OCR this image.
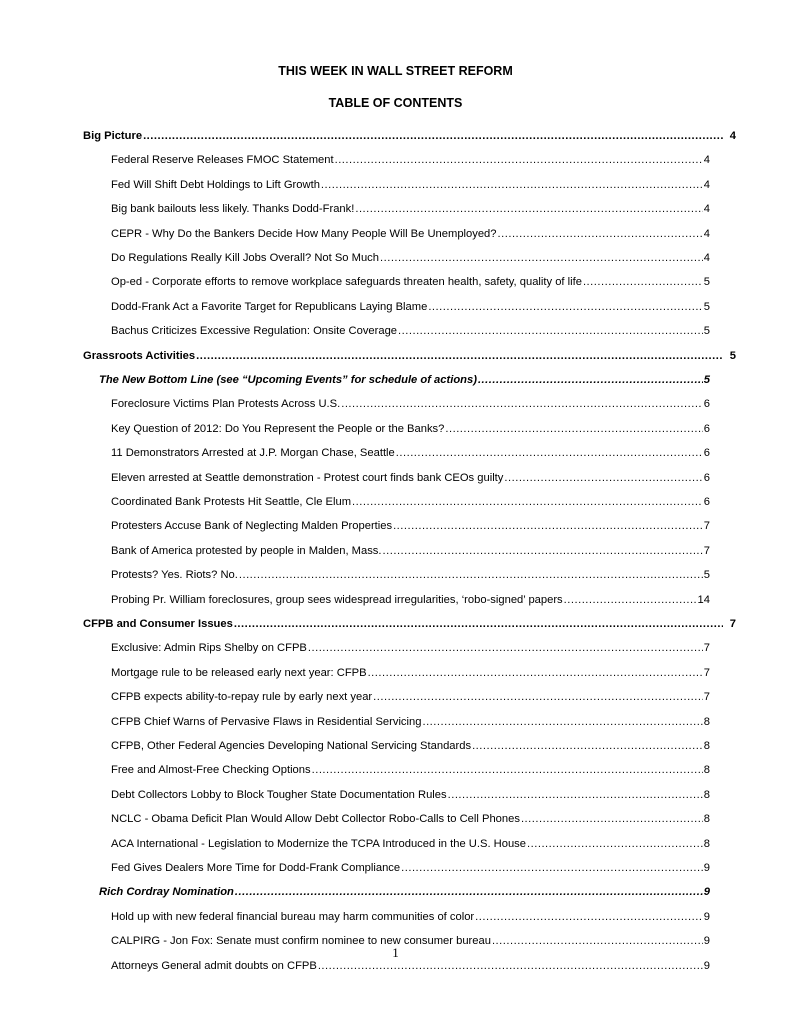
THIS WEEK IN WALL STREET REFORM
TABLE OF CONTENTS
Big Picture .....	4
Federal Reserve Releases FMOC Statement .....	4
Fed Will Shift Debt Holdings to Lift Growth .....	4
Big bank bailouts less likely. Thanks Dodd-Frank! .....	4
CEPR - Why Do the Bankers Decide How Many People Will Be Unemployed? .....	4
Do Regulations Really Kill Jobs Overall? Not So Much .....	4
Op-ed - Corporate efforts to remove workplace safeguards threaten health, safety, quality of life .....	5
Dodd-Frank Act a Favorite Target for Republicans Laying Blame .....	5
Bachus Criticizes Excessive Regulation: Onsite Coverage .....	5
Grassroots Activities .....	5
The New Bottom Line (see “Upcoming Events” for schedule of actions) .....	5
Foreclosure Victims Plan Protests Across U.S. .....	6
Key Question of 2012: Do You Represent the People or the Banks? .....	6
11 Demonstrators Arrested at J.P. Morgan Chase, Seattle .....	6
Eleven arrested at Seattle demonstration - Protest court finds bank CEOs guilty .....	6
Coordinated Bank Protests Hit Seattle, Cle Elum .....	6
Protesters Accuse Bank of Neglecting Malden Properties .....	7
Bank of America protested by people in Malden, Mass. .....	7
Protests? Yes. Riots? No. .....	5
Probing Pr. William foreclosures, group sees widespread irregularities, ‘robo-signed’ papers .....	14
CFPB and Consumer Issues .....	7
Exclusive: Admin Rips Shelby on CFPB .....	7
Mortgage rule to be released early next year: CFPB .....	7
CFPB expects ability-to-repay rule by early next year .....	7
CFPB Chief Warns of Pervasive Flaws in Residential Servicing .....	8
CFPB, Other Federal Agencies Developing National Servicing Standards .....	8
Free and Almost-Free Checking Options .....	8
Debt Collectors Lobby to Block Tougher State Documentation Rules .....	8
NCLC - Obama Deficit Plan Would Allow Debt Collector Robo-Calls to Cell Phones .....	8
ACA International - Legislation to Modernize the TCPA Introduced in the U.S. House .....	8
Fed Gives Dealers More Time for Dodd-Frank Compliance .....	9
Rich Cordray Nomination .....	9
Hold up with new federal financial bureau may harm communities of color .....	9
CALPIRG - Jon Fox: Senate must confirm nominee to new consumer bureau .....	9
Attorneys General admit doubts on CFPB .....	9
1
